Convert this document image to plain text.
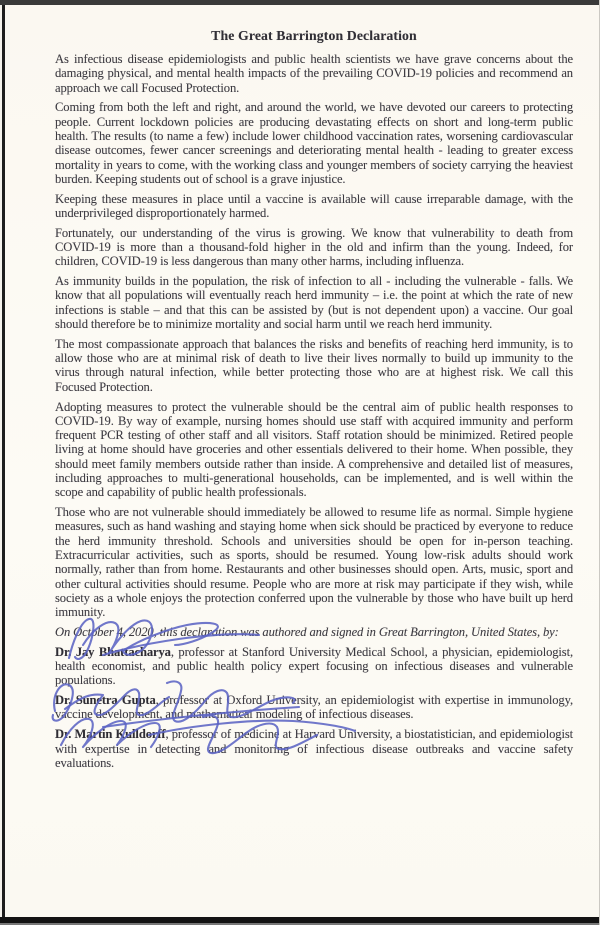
The Great Barrington Declaration

As infectious disease epidemiologists and public health scientists we have grave concerns about the damaging physical, and mental health impacts of the prevailing COVID-19 policies and recommend an approach we call Focused Protection.

Coming from both the left and right, and around the world, we have devoted our careers to protecting people. Current lockdown policies are producing devastating effects on short and long-term public health. The results (to name a few) include lower childhood vaccination rates, worsening cardiovascular disease outcomes, fewer cancer screenings and deteriorating mental health - leading to greater excess mortality in years to come, with the working class and younger members of society carrying the heaviest burden. Keeping students out of school is a grave injustice.

Keeping these measures in place until a vaccine is available will cause irreparable damage, with the underprivileged disproportionately harmed.

Fortunately, our understanding of the virus is growing. We know that vulnerability to death from COVID-19 is more than a thousand-fold higher in the old and infirm than the young. Indeed, for children, COVID-19 is less dangerous than many other harms, including influenza.

As immunity builds in the population, the risk of infection to all - including the vulnerable - falls. We know that all populations will eventually reach herd immunity – i.e. the point at which the rate of new infections is stable – and that this can be assisted by (but is not dependent upon) a vaccine. Our goal should therefore be to minimize mortality and social harm until we reach herd immunity.

The most compassionate approach that balances the risks and benefits of reaching herd immunity, is to allow those who are at minimal risk of death to live their lives normally to build up immunity to the virus through natural infection, while better protecting those who are at highest risk. We call this Focused Protection.

Adopting measures to protect the vulnerable should be the central aim of public health responses to COVID-19. By way of example, nursing homes should use staff with acquired immunity and perform frequent PCR testing of other staff and all visitors. Staff rotation should be minimized. Retired people living at home should have groceries and other essentials delivered to their home. When possible, they should meet family members outside rather than inside. A comprehensive and detailed list of measures, including approaches to multi-generational households, can be implemented, and is well within the scope and capability of public health professionals.

Those who are not vulnerable should immediately be allowed to resume life as normal. Simple hygiene measures, such as hand washing and staying home when sick should be practiced by everyone to reduce the herd immunity threshold. Schools and universities should be open for in-person teaching. Extracurricular activities, such as sports, should be resumed. Young low-risk adults should work normally, rather than from home. Restaurants and other businesses should open. Arts, music, sport and other cultural activities should resume. People who are more at risk may participate if they wish, while society as a whole enjoys the protection conferred upon the vulnerable by those who have built up herd immunity.

On October 4, 2020, this declaration was authored and signed in Great Barrington, United States, by:

Dr. Jay Bhattacharya, professor at Stanford University Medical School, a physician, epidemiologist, health economist, and public health policy expert focusing on infectious diseases and vulnerable populations.

Dr. Sunetra Gupta, professor at Oxford University, an epidemiologist with expertise in immunology, vaccine development, and mathematical modeling of infectious diseases.

Dr. Martin Kulldorff, professor of medicine at Harvard University, a biostatistician, and epidemiologist with expertise in detecting and monitoring of infectious disease outbreaks and vaccine safety evaluations.
